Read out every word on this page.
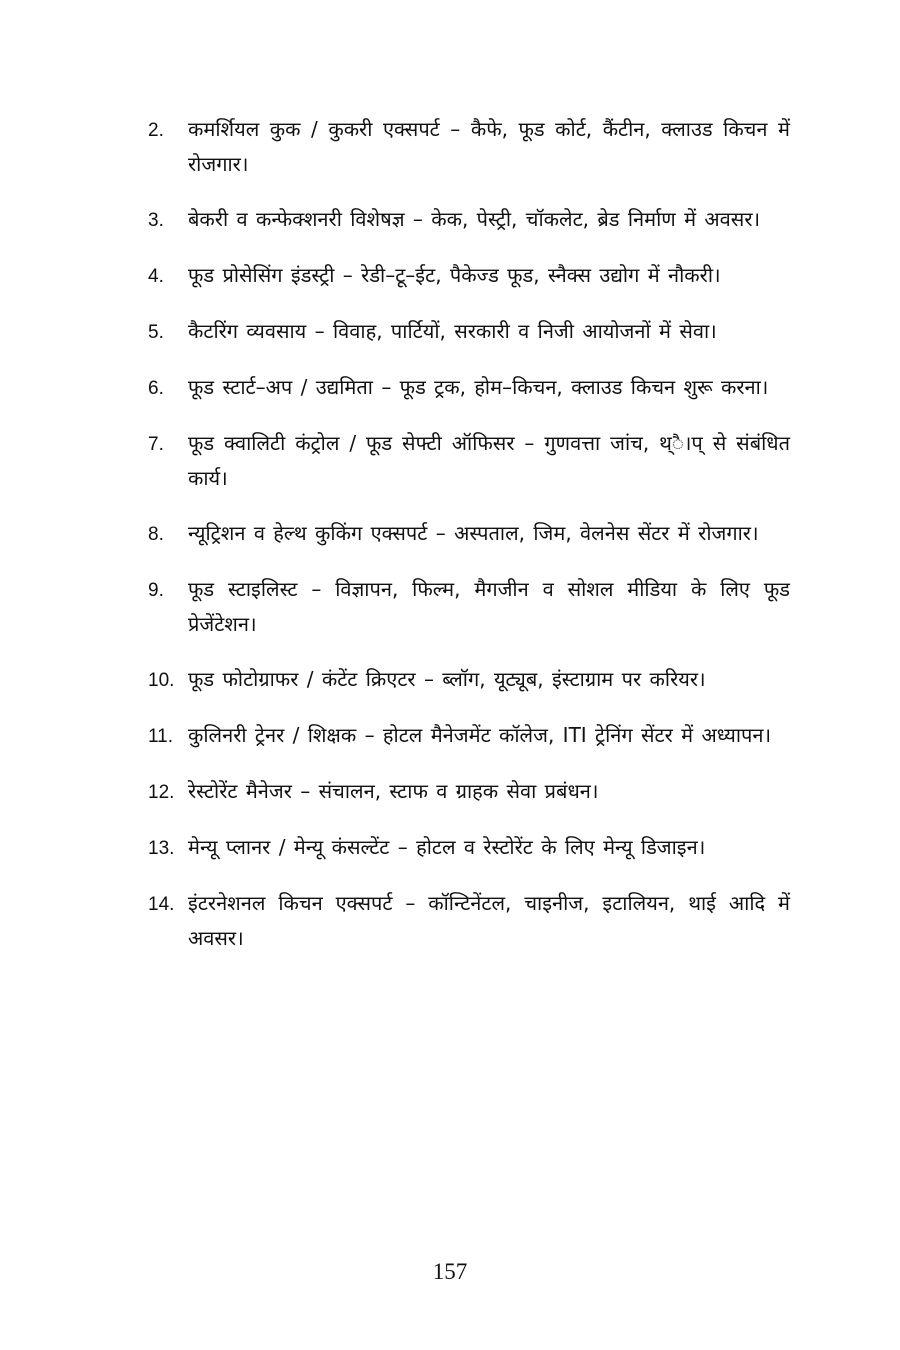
2.	कमर्शियल कुक / कुकरी एक्सपर्ट – कैफे, फूड कोर्ट, कैंटीन, क्लाउड किचन में रोजगार।
3.	बेकरी व कन्फेक्शनरी विशेषज्ञ – केक, पेस्ट्री, चॉकलेट, ब्रेड निर्माण में अवसर।
4.	फूड प्रोसेसिंग इंडस्ट्री – रेडी–टू–ईट, पैकेज्ड फूड, स्नैक्स उद्योग में नौकरी।
5.	कैटरिंग व्यवसाय – विवाह, पार्टियों, सरकारी व निजी आयोजनों में सेवा।
6.	फूड स्टार्ट–अप / उद्यमिता – फूड ट्रक, होम–किचन, क्लाउड किचन शुरू करना।
7.	फूड क्वालिटी कंट्रोल / फूड सेफ्टी ऑफिसर – गुणवत्ता जांच, थ्ै।प् से संबंधित कार्य।
8.	न्यूट्रिशन व हेल्थ कुकिंग एक्सपर्ट – अस्पताल, जिम, वेलनेस सेंटर में रोजगार।
9.	फूड स्टाइलिस्ट – विज्ञापन, फिल्म, मैगजीन व सोशल मीडिया के लिए फूड प्रेजेंटेशन।
10. फूड फोटोग्राफर / कंटेंट क्रिएटर – ब्लॉग, यूट्यूब, इंस्टाग्राम पर करियर।
11. कुलिनरी ट्रेनर / शिक्षक – होटल मैनेजमेंट कॉलेज, ITI ट्रेनिंग सेंटर में अध्यापन।
12. रेस्टोरेंट मैनेजर – संचालन, स्टाफ व ग्राहक सेवा प्रबंधन।
13. मेन्यू प्लानर / मेन्यू कंसल्टेंट – होटल व रेस्टोरेंट के लिए मेन्यू डिजाइन।
14. इंटरनेशनल किचन एक्सपर्ट – कॉन्टिनेंटल, चाइनीज, इटालियन, थाई आदि में अवसर।
157
